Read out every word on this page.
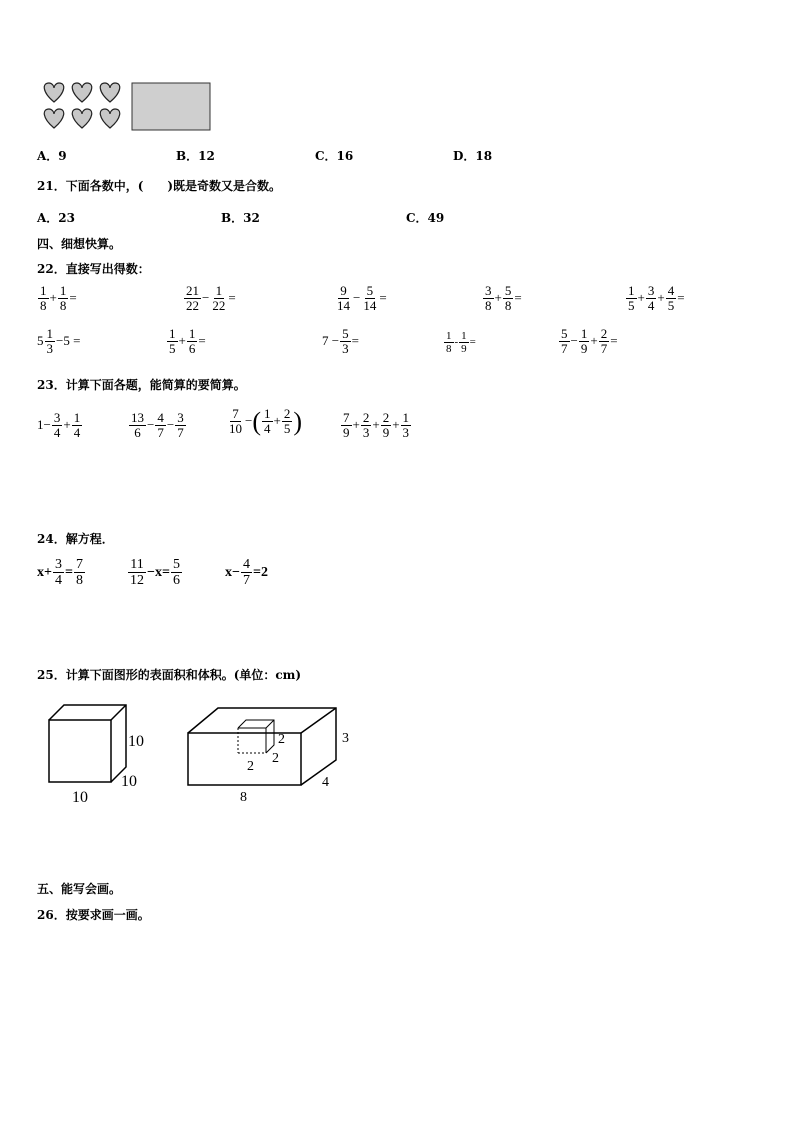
A．9	B．12	C．16	D．18
21．下面各数中，(　　)既是奇数又是合数。
A．23	B．32	C．49
四、细想快算。
22．直接写出得数：
$\frac{1}{8} + \frac{1}{8}$ =	$\frac{21}{22} - \frac{1}{22}$ =	$\frac{9}{14} - \frac{5}{14}$ =	$\frac{3}{8} + \frac{5}{8}$ =	$\frac{1}{5} + \frac{3}{4} + \frac{4}{5}$ =
$5 \frac{1}{3} -5$ =	$\frac{1}{5} + \frac{1}{6}$ =	$7 - \frac{5}{3}$ =	$\frac{1}{8} - \frac{1}{9}$ =	$\frac{5}{7} - \frac{1}{9} + \frac{2}{7}$ =
23．计算下面各题，能简算的要简算。
$1- \frac{3}{4} + \frac{1}{4}$	$\frac{13}{6} - \frac{4}{7} - \frac{3}{7}$	$\frac{7}{10}$ −( $\frac{1}{4} + \frac{2}{5}$ )	$\frac{7}{9} + \frac{2}{3} + \frac{2}{9} + \frac{1}{3}$
24．解方程．
$x+ \frac{3}{4} = \frac{7}{8}$	$\frac{11}{12} -x= \frac{5}{6}$	$x- \frac{4}{7} =2$
25．计算下面图形的表面积和体积。(单位：cm)
10
10
10	8
4
3
2
2
2
五、能写会画。
26．按要求画一画。
